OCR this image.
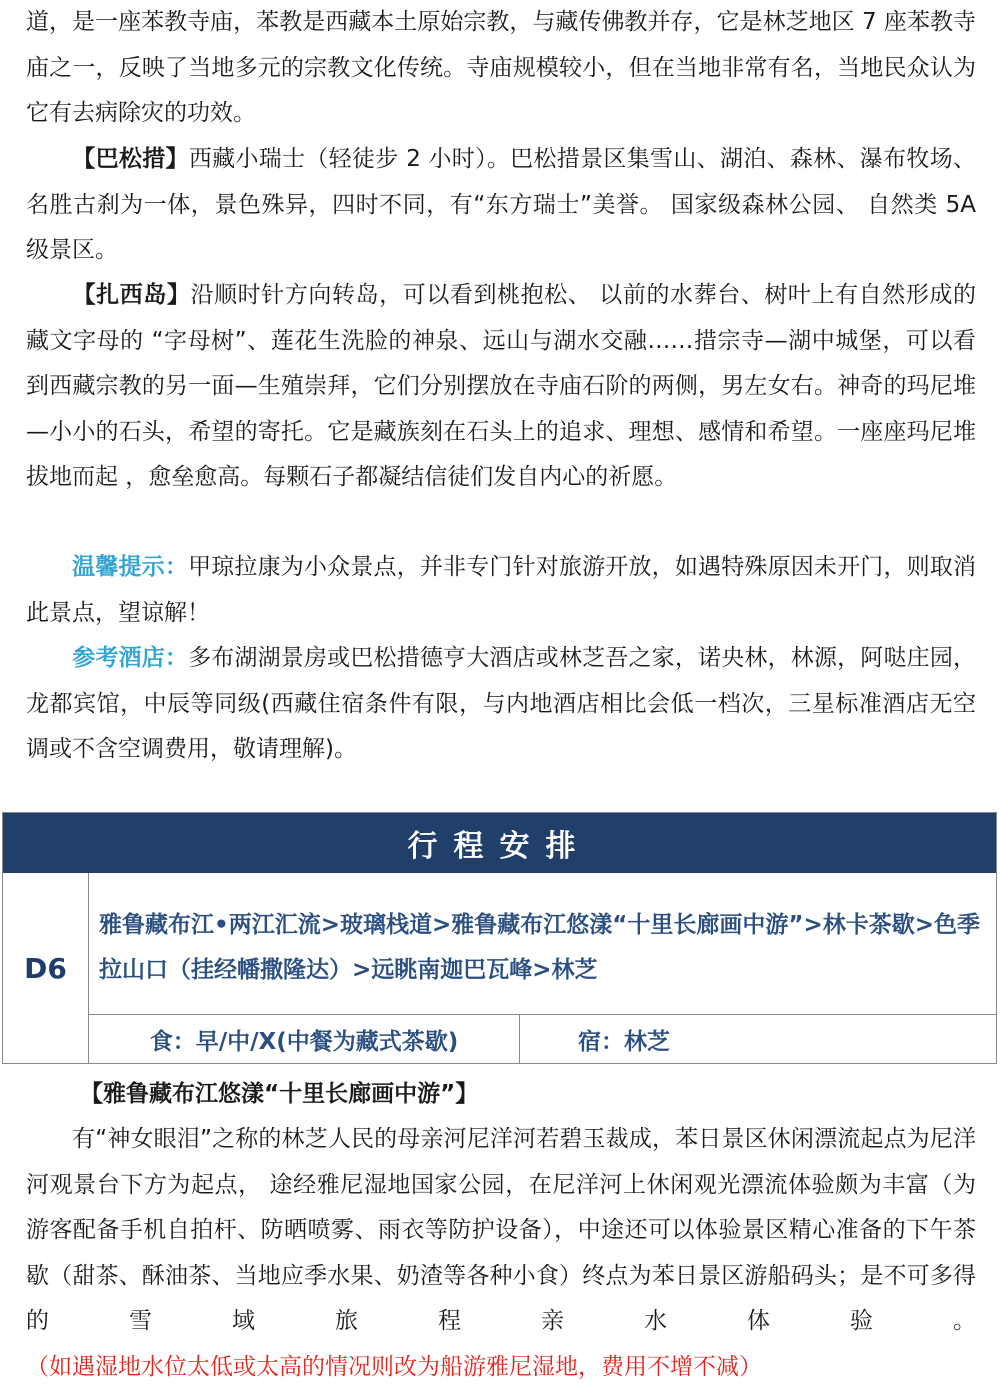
道，是一座苯教寺庙，苯教是西藏本土原始宗教，与藏传佛教并存，它是林芝地区 7 座苯教寺庙之一，反映了当地多元的宗教文化传统。寺庙规模较小，但在当地非常有名，当地民众认为它有去病除灾的功效。

【巴松措】西藏小瑞士（轻徒步 2 小时）。巴松措景区集雪山、湖泊、森林、瀑布牧场、名胜古刹为一体，景色殊异，四时不同，有“东方瑞士”美誉。 国家级森林公园、 自然类 5A 级景区。

【扎西岛】沿顺时针方向转岛，可以看到桃抱松、 以前的水葬台、树叶上有自然形成的藏文字母的 “字母树”、莲花生洗脸的神泉、远山与湖水交融……措宗寺—湖中城堡，可以看到西藏宗教的另一面—生殖崇拜，它们分别摆放在寺庙石阶的两侧，男左女右。神奇的玛尼堆—小小的石头，希望的寄托。它是藏族刻在石头上的追求、理想、感情和希望。一座座玛尼堆拔地而起 ，愈垒愈高。每颗石子都凝结信徒们发自内心的祈愿。

温馨提示：甲琼拉康为小众景点，并非专门针对旅游开放，如遇特殊原因未开门，则取消此景点，望谅解！

参考酒店：多布湖湖景房或巴松措德亨大酒店或林芝吾之家，诺央林，林源，阿哒庄园，龙都宾馆，中辰等同级(西藏住宿条件有限，与内地酒店相比会低一档次，三星标准酒店无空调或不含空调费用，敬请理解)。

行程安排
D6
雅鲁藏布江•两江汇流>玻璃栈道>雅鲁藏布江悠漾“十里长廊画中游”>林卡茶歇>色季拉山口（挂经幡撒隆达）>远眺南迦巴瓦峰>林芝
食：早/中/X(中餐为藏式茶歇)	宿：林芝

【雅鲁藏布江悠漾“十里长廊画中游”】

有“神女眼泪”之称的林芝人民的母亲河尼洋河若碧玉裁成，苯日景区休闲漂流起点为尼洋河观景台下方为起点， 途经雅尼湿地国家公园，在尼洋河上休闲观光漂流体验颇为丰富（为游客配备手机自拍杆、防晒喷雾、雨衣等防护设备），中途还可以体验景区精心准备的下午茶歇（甜茶、酥油茶、当地应季水果、奶渣等各种小食）终点为苯日景区游船码头；是不可多得的雪域旅程亲水体验。（如遇湿地水位太低或太高的情况则改为船游雅尼湿地，费用不增不减）
